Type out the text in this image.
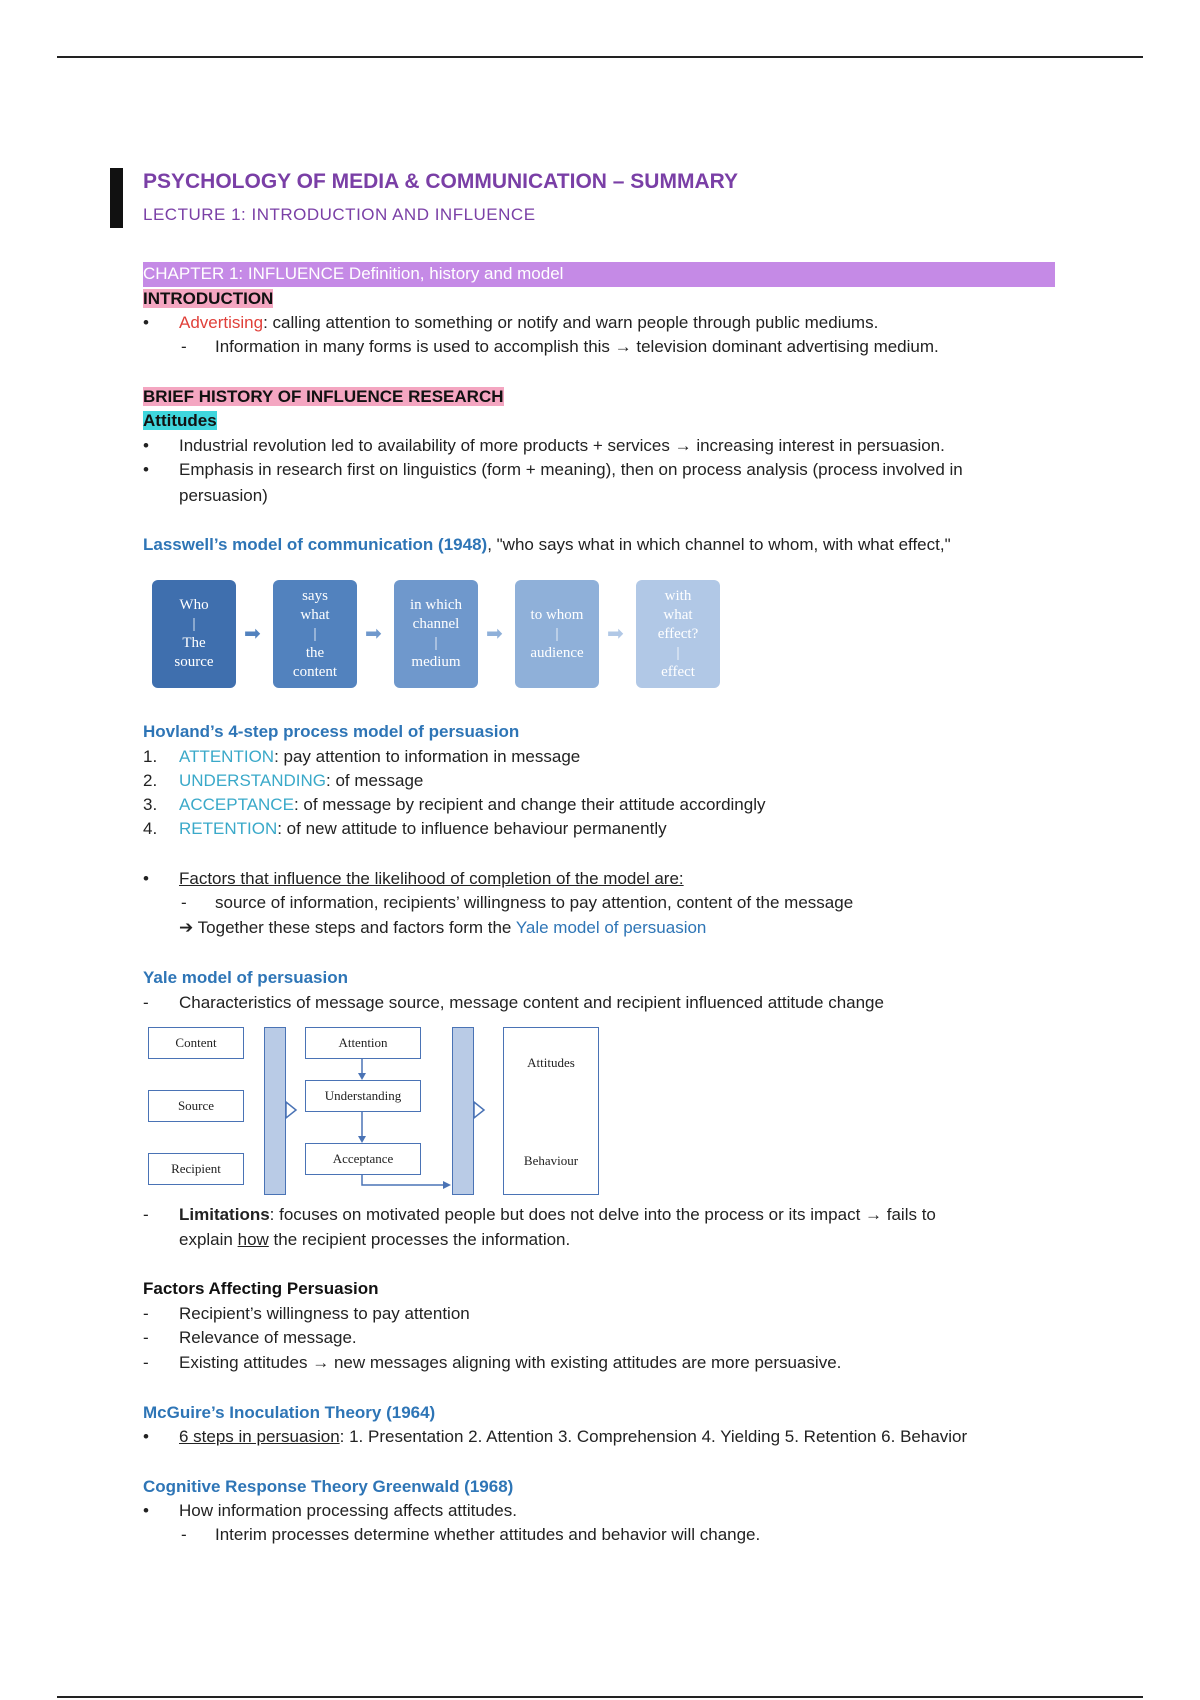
PSYCHOLOGY OF MEDIA & COMMUNICATION – SUMMARY
LECTURE 1: INTRODUCTION AND INFLUENCE
CHAPTER 1: INFLUENCE Definition, history and model
INTRODUCTION
• Advertising: calling attention to something or notify and warn people through public mediums.
- Information in many forms is used to accomplish this → television dominant advertising medium.
BRIEF HISTORY OF INFLUENCE RESEARCH
Attitudes
• Industrial revolution led to availability of more products + services → increasing interest in persuasion.
• Emphasis in research first on linguistics (form + meaning), then on process analysis (process involved in
persuasion)
Lasswell’s model of communication (1948), "who says what in which channel to whom, with what effect,"
Who
|
The
source
➡
says
what
|
the
content
➡
in which
channel
|
medium
➡
to whom
|
audience
➡
with
what
effect?
|
effect
Hovland’s 4-step process model of persuasion
1. ATTENTION: pay attention to information in message
2. UNDERSTANDING: of message
3. ACCEPTANCE: of message by recipient and change their attitude accordingly
4. RETENTION: of new attitude to influence behaviour permanently
• Factors that influence the likelihood of completion of the model are:
- source of information, recipients’ willingness to pay attention, content of the message
➔ Together these steps and factors form the Yale model of persuasion
Yale model of persuasion
- Characteristics of message source, message content and recipient influenced attitude change
Content
Source
Recipient
Attention
Understanding
Acceptance
Attitudes
Behaviour
- Limitations: focuses on motivated people but does not delve into the process or its impact → fails to
explain how the recipient processes the information.
Factors Affecting Persuasion
- Recipient’s willingness to pay attention
- Relevance of message.
- Existing attitudes → new messages aligning with existing attitudes are more persuasive.
McGuire’s Inoculation Theory (1964)
• 6 steps in persuasion: 1. Presentation 2. Attention 3. Comprehension 4. Yielding 5. Retention 6. Behavior
Cognitive Response Theory Greenwald (1968)
• How information processing affects attitudes.
- Interim processes determine whether attitudes and behavior will change.
